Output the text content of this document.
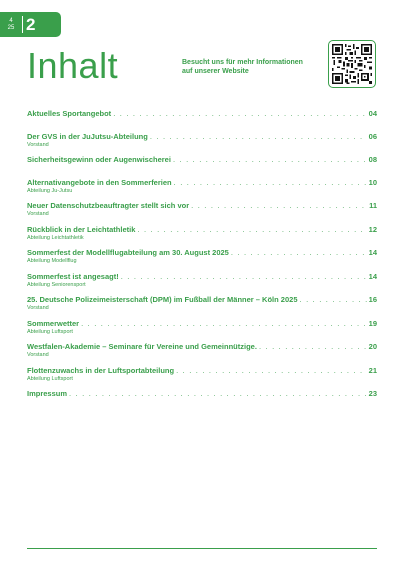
4
25 2
Inhalt	Besucht uns für mehr Informationen
auf unserer Website
Aktuelles Sportangebot . . .	04
Der GVS in der JuJutsu-Abteilung . . .	06
Vorstand
Sicherheitsgewinn oder Augenwischerei . . .	08
Alternativangebote in den Sommerferien . . .	10
Abteilung Ju-Jutsu
Neuer Datenschutzbeauftragter stellt sich vor . . .	11
Vorstand
Rückblick in der Leichtathletik . . .	12
Abteilung Leichtathletik
Sommerfest der Modellflugabteilung am 30. August 2025 . . .	14
Abteilung Modellflug
Sommerfest ist angesagt! . . .	14
Abteilung Seniorensport
25. Deutsche Polizeimeisterschaft (DPM) im Fußball der Männer – Köln 2025 . . .	16
Vorstand
Sommerwetter . . .	19
Abteilung Luftsport
Westfalen-Akademie – Seminare für Vereine und Gemeinnützige. . . .	20
Vorstand
Flottenzuwachs in der Luftsportabteilung . . .	21
Abteilung Luftsport
Impressum . . .	23
